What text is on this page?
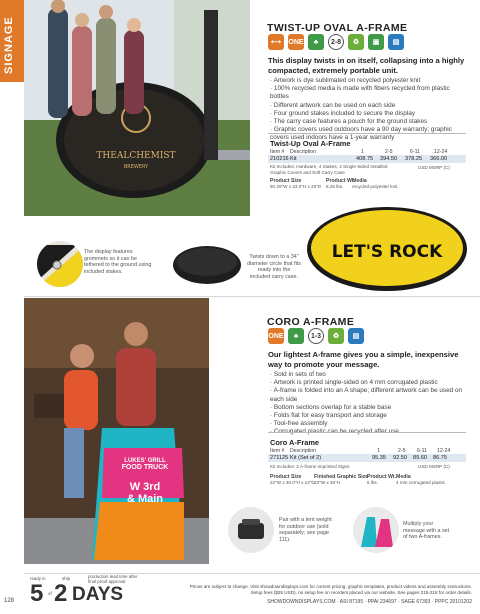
SIGNAGE
THEALCHEMIST
BREWERY
TWIST-UP OVAL A-FRAME
⟷	ONE	♣	2-8	♻	▣	▤
This display twists in on itself, collapsing into a highly compacted, extremely portable unit.
· Artwork is dye sublimated on recycled polyester knit
· 100% recycled media is made with fibers recycled from plastic bottles
· Different artwork can be used on each side
· Four ground stakes included to secure the display
· The carry case features a pouch for the ground stakes
· Graphic covers used outdoors have a 90 day warranty; graphic covers used indoors have a 1-year warranty
Twist-Up Oval A-Frame
Item # Description	1	2-5	6-11	12-24
210216 Kit	408.75 394.50 378.25 366.00
Kit Includes: Hardware, 4 Stakes, 2 Single-Sided Installed Graphic Covers and Soft Carry Case
USD MSRP (C)
Product Size	Product Wt.
Media
50.25"W x 33.0"H x 20"D 8.25 lbs. recycled polyester knit
The display features grommets so it can be tethered to the ground using included stakes.
Twists down to a 34" diameter circle that fits ready into the included carry case.
LET'S ROCK
LUKES' GRILL
FOOD TRUCK
W 3rd
& Main
CORO A-FRAME
ONE	♣	1-3	♻	▤
Our lightest A-frame gives you a simple, inexpensive way to promote your message.
· Sold in sets of two
· Artwork is printed single-sided on 4 mm corrugated plastic
· A-frame is folded into an A shape; different artwork can be used on each side
· Bottom sections overlap for a stable base
· Folds flat for easy transport and storage
· Tool-free assembly
·
Coro A-Frame
Item # Description	1	2-5 6-11 12-24
271125 Kit (Set of 2)	95.35 92.50 89.60 86.75
Kit Includes: 2 A-frame Imprinted Signs	USD MSRP (C)
Product Size Finished Graphic Size
Product Wt. Media
22"W x 30.0"H x 12"D 22"W x 36"H	6 lbs.	4 mm corrugated plastic
Pair with a tent weight for outdoor use (sold separately; see page 111).
Multiply your message with a set of two A-frames.
128
ready in	ship
5 of 2 DAYS
production lead time after final proof approval
Prices are subject to change. Visit showdowndisplays.com for current pricing, graphic templates, product videos and assembly instructions.
Setup fees ($35 USD), no setup fee on reorders placed via our website. See pages 215-218 for order details.
SHOWDOWNDISPLAYS.COM · ASI 87195 · PPAI 234697 · SAGE 67393 · PPPC 20101202
